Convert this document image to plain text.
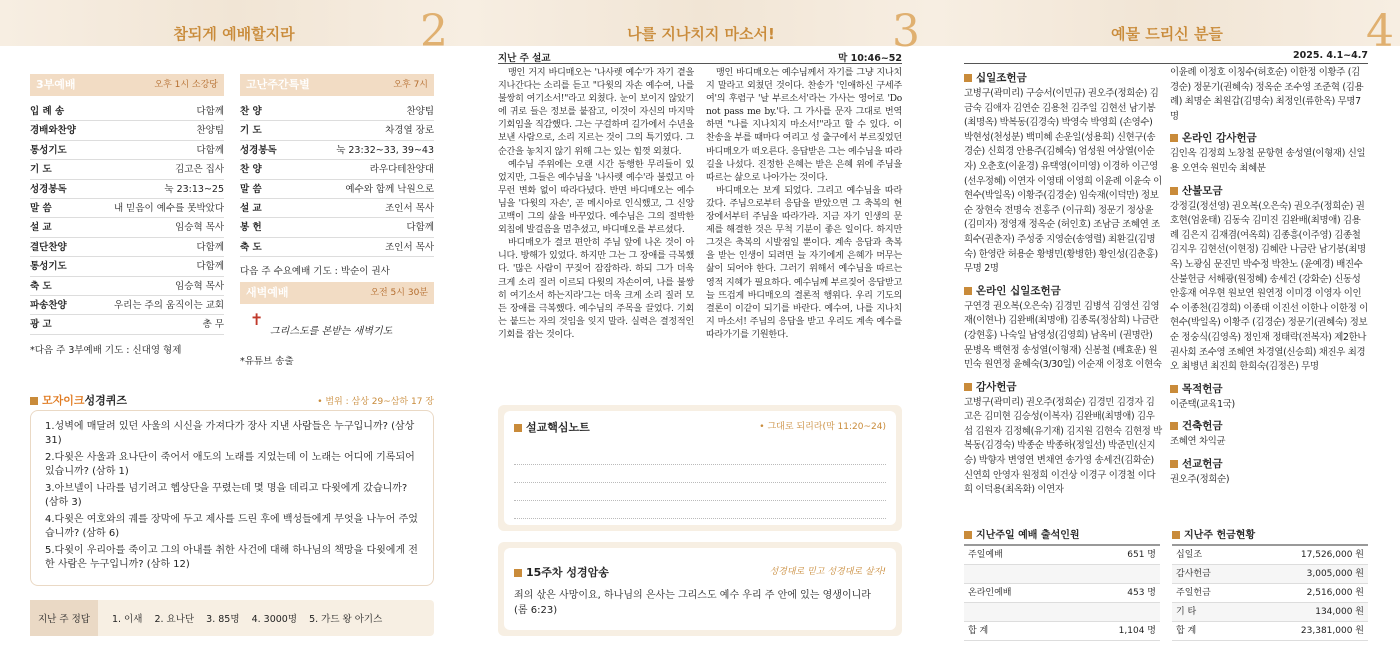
참되게 예배할지라	2
3부예배	오후 1시 소강당
입 례 송	다함께
경배와찬양	찬양팀
통성기도	다함께
기 도	김고은 집사
성경봉독	눅 23:13~25
말 씀	내 믿음이 예수를 못박았다
설 교	임승혁 목사
결단찬양	다함께
통성기도	다함께
축 도	임승혁 목사
파송찬양	우리는 주의 움직이는 교회
광 고	총 무
*다음 주 3부예배 기도 : 신대영 형제
고난주간특별	오후 7시
찬 양	찬양팀
기 도	차경열 장로
성경봉독	눅 23:32~33, 39~43
찬 양	라우다테찬양대
말 씀	예수와 함께 낙원으로
설 교	조인서 목사
봉 헌	다함께
축 도	조인서 목사
다음 주 수요예배 기도 : 박순이 권사
새벽예배	오전 5시 30분
✝
그리스도를 본받는 새벽기도
*유튜브 송출
모자이크성경퀴즈	• 범위 : 삼상 29~삼하 17 장
1.성벽에 매달려 있던 사울의 시신을 가져다가 장사 지낸 사람들은 누구입니까? (삼상 31)
2.다윗은 사울과 요나단이 죽어서 애도의 노래를 지었는데 이 노래는 어디에 기록되어 있습니까? (삼하 1)
3.아브넬이 나라를 넘기려고 헵상단을 꾸렸는데 몇 명을 데리고 다윗에게 갔습니까? (삼하 3)
4.다윗은 여호와의 궤를 장막에 두고 제사를 드린 후에 백성들에게 무엇을 나누어 주었습니까? (삼하 6)
5.다윗이 우리아를 죽이고 그의 아내를 취한 사건에 대해 하나님의 책망을 다윗에게 전한 사람은 누구입니까? (삼하 12)
지난 주 정답	1. 이새    2. 요나단    3. 85명    4. 3000명    5. 가드 왕 아기스
나를 지나치지 마소서!	3
지난 주 설교	막 10:46~52

맹인 거지 바디매오는 '나사렛 예수'가 자기 곁을 지나간다는 소리를 듣고 "다윗의 자손 예수여, 나를 불쌍히 여기소서!"라고 외쳤다. 눈이 보이지 않았기에 귀로 들은 정보를 붙잡고, 이것이 자신의 마지막 기회임을 직감했다. 그는 구걸하며 길가에서 수년을 보낸 사람으로, 소리 지르는 것이 그의 특기였다. 그 순간을 놓치지 않기 위해 그는 있는 힘껏 외쳤다.

예수님 주위에는 오랜 시간 동행한 무리들이 있었지만, 그들은 예수님을 '나사렛 예수'라 불렀고 아무런 변화 없이 따라다녔다. 반면 바디매오는 예수님을 '다윗의 자손', 곧 메시아로 인식했고, 그 신앙고백이 그의 삶을 바꾸었다. 예수님은 그의 절박한 외침에 발걸음을 멈추셨고, 바디매오를 부르셨다.

바디매오가 결코 편안히 주님 앞에 나온 것이 아니다. 방해가 있었다. 하지만 그는 그 장애를 극복했다. '많은 사람이 꾸짖어 잠잠하라. 하되 그가 더욱 크게 소리 질러 이르되 다윗의 자손이여, 나를 불쌍히 여기소서 하는지라'그는 더욱 크게 소리 질러 모든 장애를 극복했다. 예수님의 주목을 끌었다. 기회는 붙드는 자의 것임을 잊지 말라. 실력은 결정적인 기회를 잡는 것이다.

맹인 바디매오는 예수님께서 자기를 그냥 지나치지 말라고 외쳤던 것이다. 찬송가 '인애하신 구세주여'의 후렴구 '날 부르소서'라는 가사는 영어로 'Do not pass me by.'다. 그 가사를 문자 그대로 번역하면 "나를 지나치지 마소서!"라고 할 수 있다. 이 찬송을 부를 때마다 여리고 성 출구에서 부르짖었던 바디매오가 떠오른다. 응답받은 그는 예수님을 따라 길을 나섰다. 진정한 은혜는 받은 은혜 위에 주님을 따르는 삶으로 나아가는 것이다.

바디매오는 보게 되었다. 그리고 예수님을 따라갔다. 주님으로부터 응답을 받았으면 그 축복의 현장에서부터 주님을 따라가라. 지금 자기 인생의 문제를 해결한 것은 무척 기분이 좋은 일이다. 하지만 그것은 축복의 시발점일 뿐이다. 계속 응답과 축복을 받는 인생이 되려면 늘 자기에게 은혜가 머무는 삶이 되어야 한다. 그러기 위해서 예수님을 따르는 영적 지혜가 필요하다. 예수님께 부르짖어 응답받고 늘 뜨겁게 바디매오의 결론적 행위다. 우리 기도의 결론이 이같이 되기를 바란다. 예수여, 나를 지나치지 마소서! 주님의 응답을 받고 우리도 계속 예수를 따라가기를 기원한다.

설교핵심노트	• 그대로 되리라(막 11:20~24)
15주차 성경암송	성경대로 믿고 성경대로 살자!
죄의 삯은 사망이요, 하나님의 은사는 그리스도 예수 우리 주 안에 있는 영생이니라 (롬 6:23)
예물 드리신 분들	4
2025. 4.1~4.7
십일조헌금
고병구(곽미리) 구승서(이민규) 권오주(정희순) 김금숙 김애자 김연순 김용천 김주일 김현선 남기봉(최명옥) 박복동(김경숙) 박영숙 박영희 (손영수) 박현성(천성분) 백미혜 손운일(성용희) 신현구(송경순) 신희경 안용주(김혜숙) 엄성원 여상열(이순자) 오춘호(이윤경) 유택영(이미영) 이경하 이근영(선우정혜) 이연자 이영태 이영희 이윤례 이윤숙 이현수(박일옥) 이황주(김경순) 임숙재(이덕만) 정보순 장현숙 전명숙 전홍주 (이규희) 정문기 정상윤(김미자) 정영재 정옥순 (허인호) 조남금 조혜연 조희수(권춘자) 주성중 지영순(송영렬) 최환길(김명숙) 한영란 허용순 황병민(황병한) 황인성(김춘홍) 무명 2명
온라인 십일조헌금
구연경 권오복(오은숙) 김경민 김병석 김영선 김영재(이현나) 김완배(최명애) 김종록(정삼희) 나금란(강현홍) 나숙일 남영성(김영희) 남옥비 (권명란) 문병옥 백현정 송성열(이형재) 신봉철 (배효운) 원민숙 원연정 윤혜숙(3/30일) 이순재 이정호 이현숙
감사헌금
고병구(곽미리) 권오주(정희순) 김경민 김경자 김고은 김미현 김승성(이복자) 김완배(최명애) 김우섭 김원자 김정혜(유기재) 김지원 김현숙 김현정 박복동(김경숙) 박종순 박종하(정일선) 박준민(신지승) 박향자 변영연 변채연 송가영 송세건(김화순) 신연희 안영자 원정희 이건상 이경구 이경철 이다희 이덕용(최옥화) 이연자
이윤례 이정호 이칭수(허호순) 이한정 이황주 (김경순) 정문기(권혜숙) 정옥순 조수영 조준혁 (김용례) 최명순 최원갑(김명숙) 최정인(류한옥) 무명7명
온라인 감사헌금
김인옥 김정희 노창철 문항현 송성열(이형재) 신일용 오연숙 원민숙 최혜분
산불모금
강정길(정선영) 권오복(오은숙) 권오주(정희순) 권호현(엄윤태) 김동숙 김미진 김완배(최명애) 김용례 김은지 김재겸(여옥희) 김종흥(이주영) 김종철 김지우 김현선(이현정) 김혜란 나금란 남기봉(최명옥) 노광심 문진민 박수정 박찬노 (윤예경) 배진수 산불헌금 서해광(원정혜) 송세건 (강화순) 신동성 안홍재 여우현 원보연 원연정 이미경 이영자 이인수 이종천(김경희) 이종태 이진선 이한나 이한정 이현수(박일옥) 이황주 (김경순) 정문기(권혜숙) 정보순 정숭식(김영옥) 정인재 정태락(전복자) 제2한나권사회 조수영 조혜연 차경열(신승희) 채진우 최경오 최병년 최진희 한희숙(김정은) 무명
목적헌금
이준택(교육1국)
건축헌금
조혜연 차익균
선교헌금
권오주(정희순)
지난주일 예배 출석인원
주일예배	651 명
온라인예배	453 명
합 계	1,104 명
지난주 헌금현황
십일조	17,526,000 원
감사헌금	3,005,000 원
주일헌금	2,516,000 원
기 타	134,000 원
합 계	23,381,000 원
